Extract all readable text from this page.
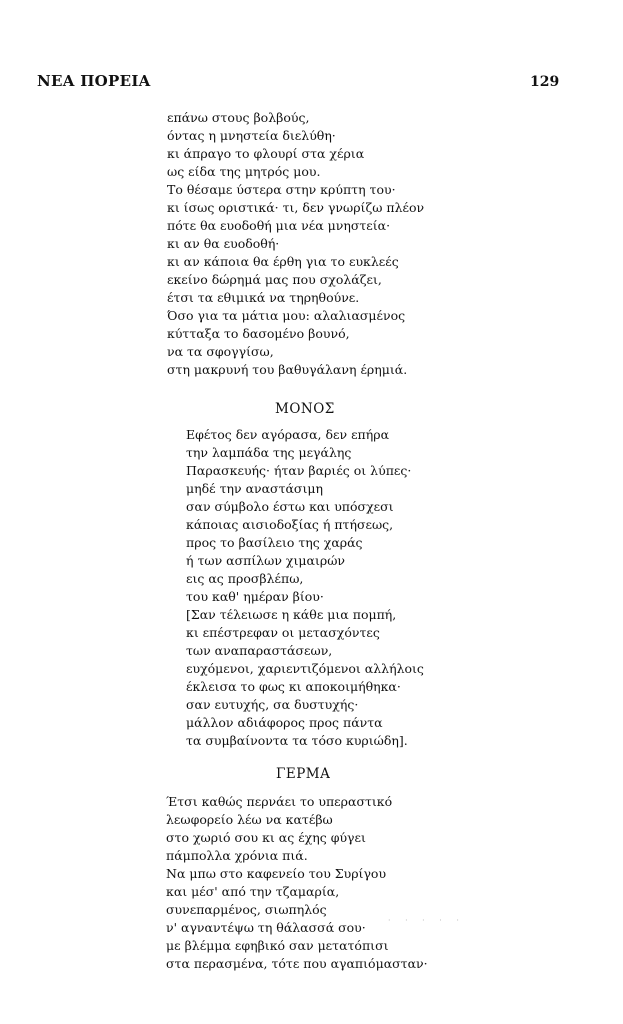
ΝΕΑ ΠΟΡΕΙΑ	129
επάνω στους βολβούς,
όντας η μνηστεία διελύθη·
κι άπραγο το φλουρί στα χέρια
ως είδα της μητρός μου.
Το θέσαμε ύστερα στην κρύπτη του·
κι ίσως οριστικά· τι, δεν γνωρίζω πλέον
πότε θα ευοδοθή μια νέα μνηστεία·
κι αν θα ευοδοθή·
κι αν κάποια θα έρθη για το ευκλεές
εκείνο δώρημά μας που σχολάζει,
έτσι τα εθιμικά να τηρηθούνε.
Όσο για τα μάτια μου: αλαλιασμένος
κύτταξα το δασομένο βουνό,
να τα σφογγίσω,
στη μακρυνή του βαθυγάλανη έρημιά.
ΜΟΝΟΣ
Εφέτος δεν αγόρασα, δεν επήρα
την λαμπάδα της μεγάλης
Παρασκευής· ήταν βαριές οι λύπες·
μηδέ την αναστάσιμη
σαν σύμβολο έστω και υπόσχεσι
κάποιας αισιοδοξίας ή πτήσεως,
προς το βασίλειο της χαράς
ή των ασπίλων χιμαιρών
εις ας προσβλέπω,
του καθ' ημέραν βίου·
[Σαν τέλειωσε η κάθε μια πομπή,
κι επέστρεφαν οι μετασχόντες
των αναπαραστάσεων,
ευχόμενοι, χαριεντιζόμενοι αλλήλοις
έκλεισα το φως κι αποκοιμήθηκα·
σαν ευτυχής, σα δυστυχής·
μάλλον αδιάφορος προς πάντα
τα συμβαίνοντα τα τόσο κυριώδη].
ΓΕΡΜΑ
Έτσι καθώς περνάει το υπεραστικό
λεωφορείο λέω να κατέβω
στο χωριό σου κι ας έχης φύγει
πάμπολλα χρόνια πιά.
Να μπω στο καφενείο του Συρίγου
και μέσ' από την τζαμαρία,
συνεπαρμένος, σιωπηλός
ν' αγναντέψω τη θάλασσά σου·
με βλέμμα εφηβικό σαν μετατόπισι
στα περασμένα, τότε που αγαπιόμασταν·
· · · · ·
